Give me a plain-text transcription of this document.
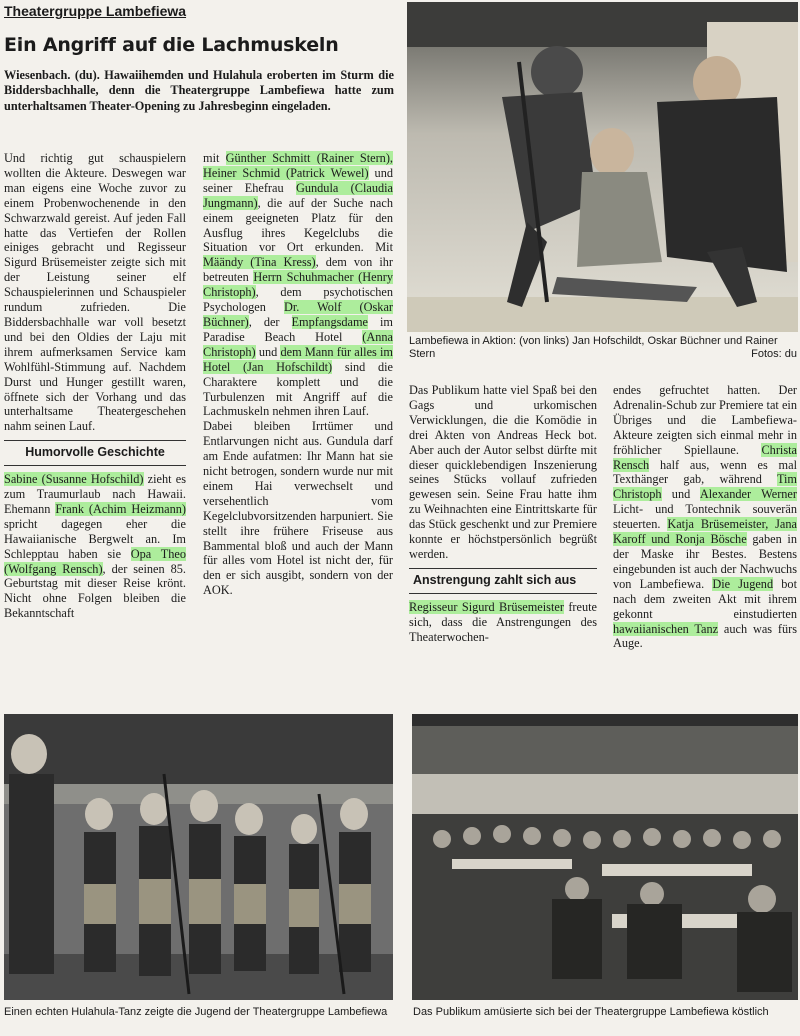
Theatergruppe Lambefiewa
Ein Angriff auf die Lachmuskeln
Wiesenbach. (du). Hawaiihemden und Hulahula eroberten im Sturm die Biddersbachhalle, denn die Theatergruppe Lambefiewa hatte zum unterhaltsamen Theater-Opening zu Jahresbeginn eingeladen.

Und richtig gut schauspielern wollten die Akteure. Deswegen war man eigens eine Woche zuvor zu einem Probenwochenende in den Schwarzwald gereist. Auf jeden Fall hatte das Vertiefen der Rollen einiges gebracht und Regisseur Sigurd Brüsemeister zeigte sich mit der Leistung seiner elf Schauspielerinnen und Schauspieler rundum zufrieden. Die Biddersbachhalle war voll besetzt und bei den Oldies der Laju mit ihrem aufmerksamen Service kam Wohlfühl-Stimmung auf. Nachdem Durst und Hunger gestillt waren, öffnete sich der Vorhang und das unterhaltsame Theatergeschehen nahm seinen Lauf.

Humorvolle Geschichte

Sabine (Susanne Hofschild) zieht es zum Traumurlaub nach Hawaii. Ehemann Frank (Achim Heizmann) spricht dagegen eher die Hawaiianische Bergwelt an. Im Schlepptau haben sie Opa Theo (Wolfgang Rensch), der seinen 85. Geburtstag mit dieser Reise krönt. Nicht ohne Folgen bleiben die Bekanntschaft

mit Günther Schmitt (Rainer Stern), Heiner Schmid (Patrick Wewel) und seiner Ehefrau Gundula (Claudia Jungmann), die auf der Suche nach einem geeigneten Platz für den Ausflug ihres Kegelclubs die Situation vor Ort erkunden. Mit Määndy (Tina Kress), dem von ihr betreuten Herrn Schuhmacher (Henry Christoph), dem psychotischen Psychologen Dr. Wolf (Oskar Büchner), der Empfangsdame im Paradise Beach Hotel (Anna Christoph) und dem Mann für alles im Hotel (Jan Hofschildt) sind die Charaktere komplett und die Turbulenzen mit Angriff auf die Lachmuskeln nehmen ihren Lauf.

Dabei bleiben Irrtümer und Entlarvungen nicht aus. Gundula darf am Ende aufatmen: Ihr Mann hat sie nicht betrogen, sondern wurde nur mit einem Hai verwechselt und versehentlich vom Kegelclubvorsitzenden harpuniert. Sie stellt ihre frühere Friseuse aus Bammental bloß und auch der Mann für alles vom Hotel ist nicht der, für den er sich ausgibt, sondern von der AOK.

Lambefiewa in Aktion: (von links) Jan Hofschildt, Oskar Büchner und Rainer Stern	Fotos: du

Das Publikum hatte viel Spaß bei den Gags und urkomischen Verwicklungen, die die Komödie in drei Akten von Andreas Heck bot. Aber auch der Autor selbst dürfte mit dieser quicklebendigen Inszenierung seines Stücks vollauf zufrieden gewesen sein. Seine Frau hatte ihm zu Weihnachten eine Eintrittskarte für das Stück geschenkt und zur Premiere konnte er höchstpersönlich begrüßt werden.

Anstrengung zahlt sich aus

Regisseur Sigurd Brüsemeister freute sich, dass die Anstrengungen des Theaterwochen-

endes gefruchtet hatten. Der Adrenalin-Schub zur Premiere tat ein Übriges und die Lambefiewa-Akteure zeigten sich einmal mehr in fröhlicher Spiellaune. Christa Rensch half aus, wenn es mal Texthänger gab, während Tim Christoph und Alexander Werner Licht- und Tontechnik souverän steuerten. Katja Brüsemeister, Jana Karoff und Ronja Bösche gaben in der Maske ihr Bestes. Bestens eingebunden ist auch der Nachwuchs von Lambefiewa. Die Jugend bot nach dem zweiten Akt mit ihrem gekonnt einstudierten hawaiianischen Tanz auch was fürs Auge.

Einen echten Hulahula-Tanz zeigte die Jugend der Theatergruppe Lambefiewa	Das Publikum amüsierte sich bei der Theatergruppe Lambefiewa köstlich
